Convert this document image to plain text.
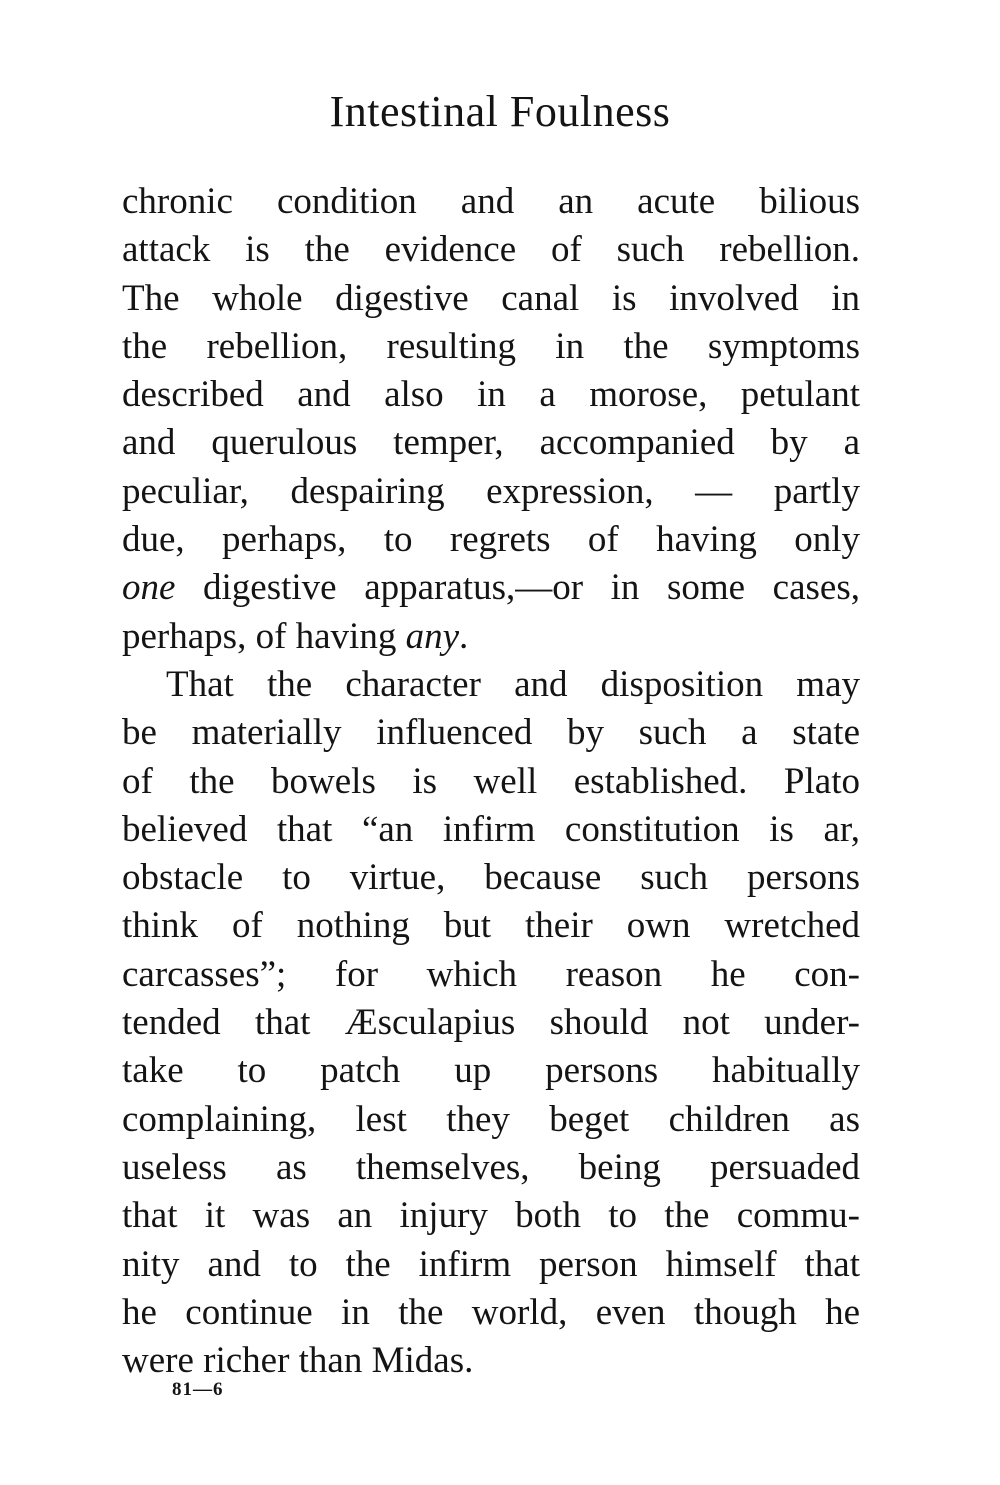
Intestinal Foulness
chronic condition and an acute bilious
attack is the evidence of such rebellion.
The whole digestive canal is involved in
the rebellion, resulting in the symptoms
described and also in a morose, petulant
and querulous temper, accompanied by a
peculiar, despairing expression, — partly
due, perhaps, to regrets of having only
one digestive apparatus,—or in some cases,
perhaps, of having any.
That the character and disposition may
be materially influenced by such a state
of the bowels is well established. Plato
believed that “an infirm constitution is ar,
obstacle to virtue, because such persons
think of nothing but their own wretched
carcasses”; for which reason he con-
tended that Æsculapius should not under-
take to patch up persons habitually
complaining, lest they beget children as
useless as themselves, being persuaded
that it was an injury both to the commu-
nity and to the infirm person himself that
he continue in the world, even though he
were richer than Midas.
81—6
